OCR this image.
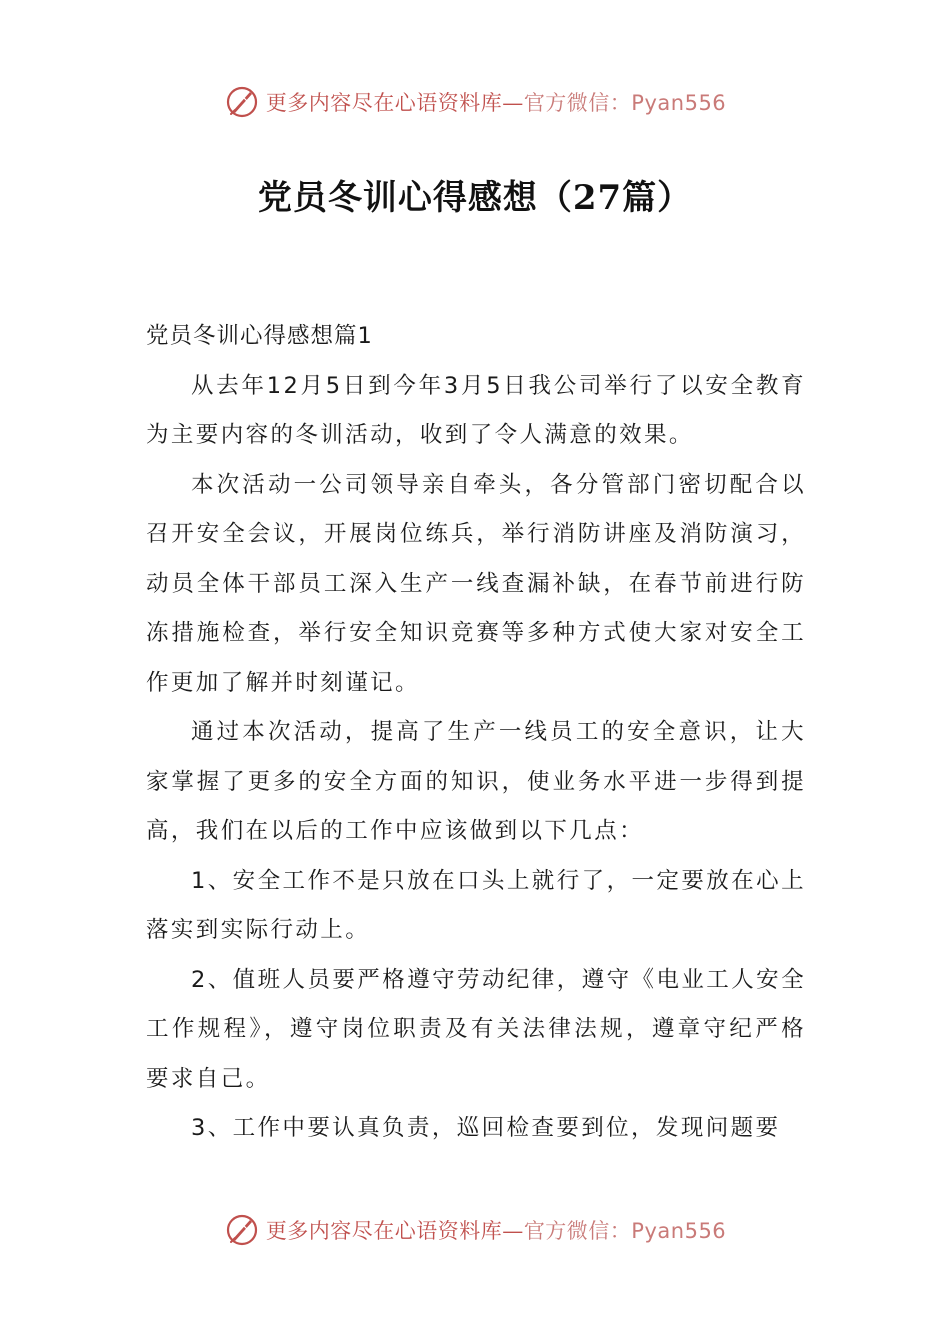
更多内容尽在心语资料库—官方微信：Pyan556
党员冬训心得感想（27篇）

党员冬训心得感想篇1

从去年12月5日到今年3月5日我公司举行了以安全教育为主要内容的冬训活动，收到了令人满意的效果。

本次活动一公司领导亲自牵头，各分管部门密切配合以召开安全会议，开展岗位练兵，举行消防讲座及消防演习，动员全体干部员工深入生产一线查漏补缺，在春节前进行防冻措施检查，举行安全知识竞赛等多种方式使大家对安全工作更加了解并时刻谨记。

通过本次活动，提高了生产一线员工的安全意识，让大家掌握了更多的安全方面的知识，使业务水平进一步得到提高，我们在以后的工作中应该做到以下几点：

1、安全工作不是只放在口头上就行了，一定要放在心上落实到实际行动上。

2、值班人员要严格遵守劳动纪律，遵守《电业工人安全工作规程》，遵守岗位职责及有关法律法规，遵章守纪严格要求自己。

3、工作中要认真负责，巡回检查要到位，发现问题要

更多内容尽在心语资料库—官方微信：Pyan556
